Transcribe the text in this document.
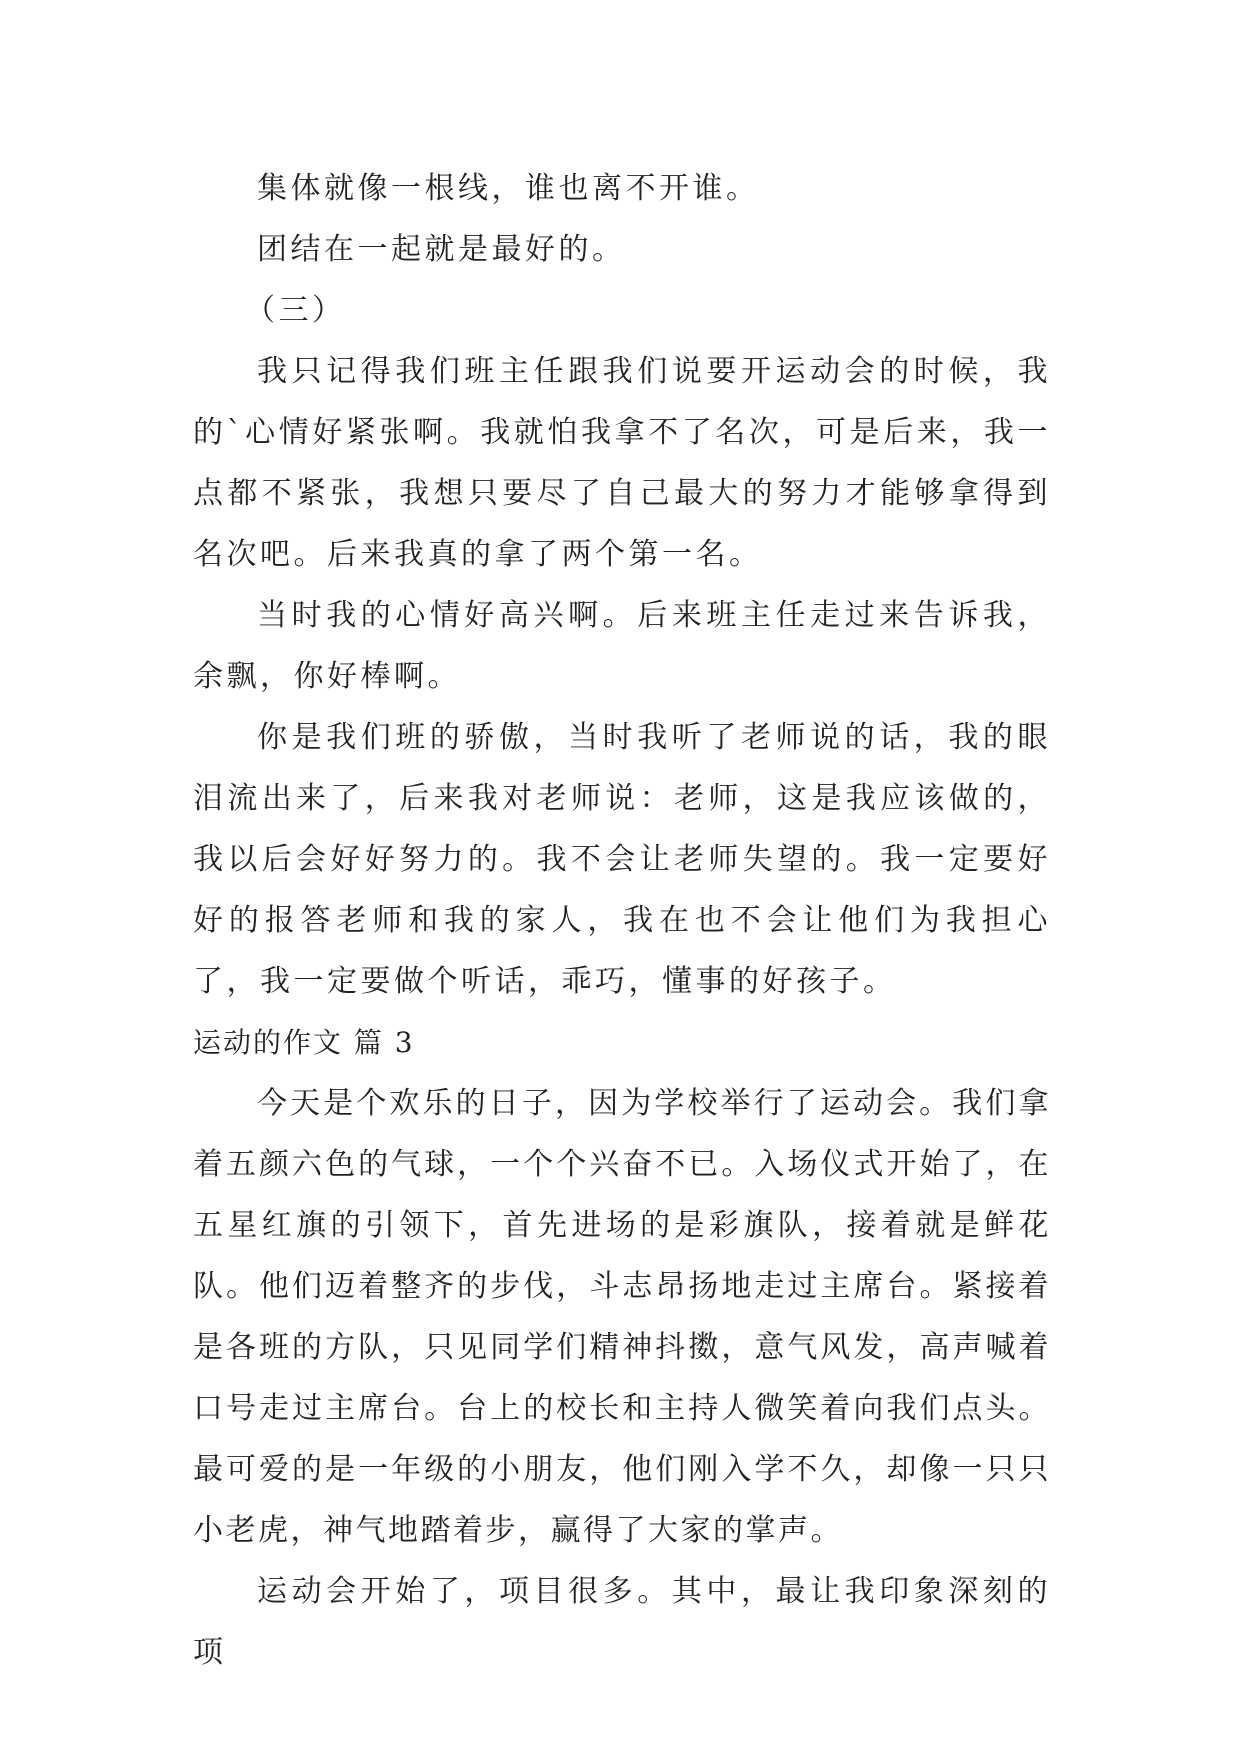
集体就像一根线，谁也离不开谁。

团结在一起就是最好的。

（三）

我只记得我们班主任跟我们说要开运动会的时候，我的`心情好紧张啊。我就怕我拿不了名次，可是后来，我一点都不紧张，我想只要尽了自己最大的努力才能够拿得到名次吧。后来我真的拿了两个第一名。

当时我的心情好高兴啊。后来班主任走过来告诉我，余飘，你好棒啊。

你是我们班的骄傲，当时我听了老师说的话，我的眼泪流出来了，后来我对老师说：老师，这是我应该做的，我以后会好好努力的。我不会让老师失望的。我一定要好好的报答老师和我的家人，我在也不会让他们为我担心了，我一定要做个听话，乖巧，懂事的好孩子。

运动的作文 篇 3

今天是个欢乐的日子，因为学校举行了运动会。我们拿着五颜六色的气球，一个个兴奋不已。入场仪式开始了，在五星红旗的引领下，首先进场的是彩旗队，接着就是鲜花队。他们迈着整齐的步伐，斗志昂扬地走过主席台。紧接着是各班的方队，只见同学们精神抖擞，意气风发，高声喊着口号走过主席台。台上的校长和主持人微笑着向我们点头。最可爱的是一年级的小朋友，他们刚入学不久，却像一只只小老虎，神气地踏着步，赢得了大家的掌声。

运动会开始了，项目很多。其中，最让我印象深刻的项
